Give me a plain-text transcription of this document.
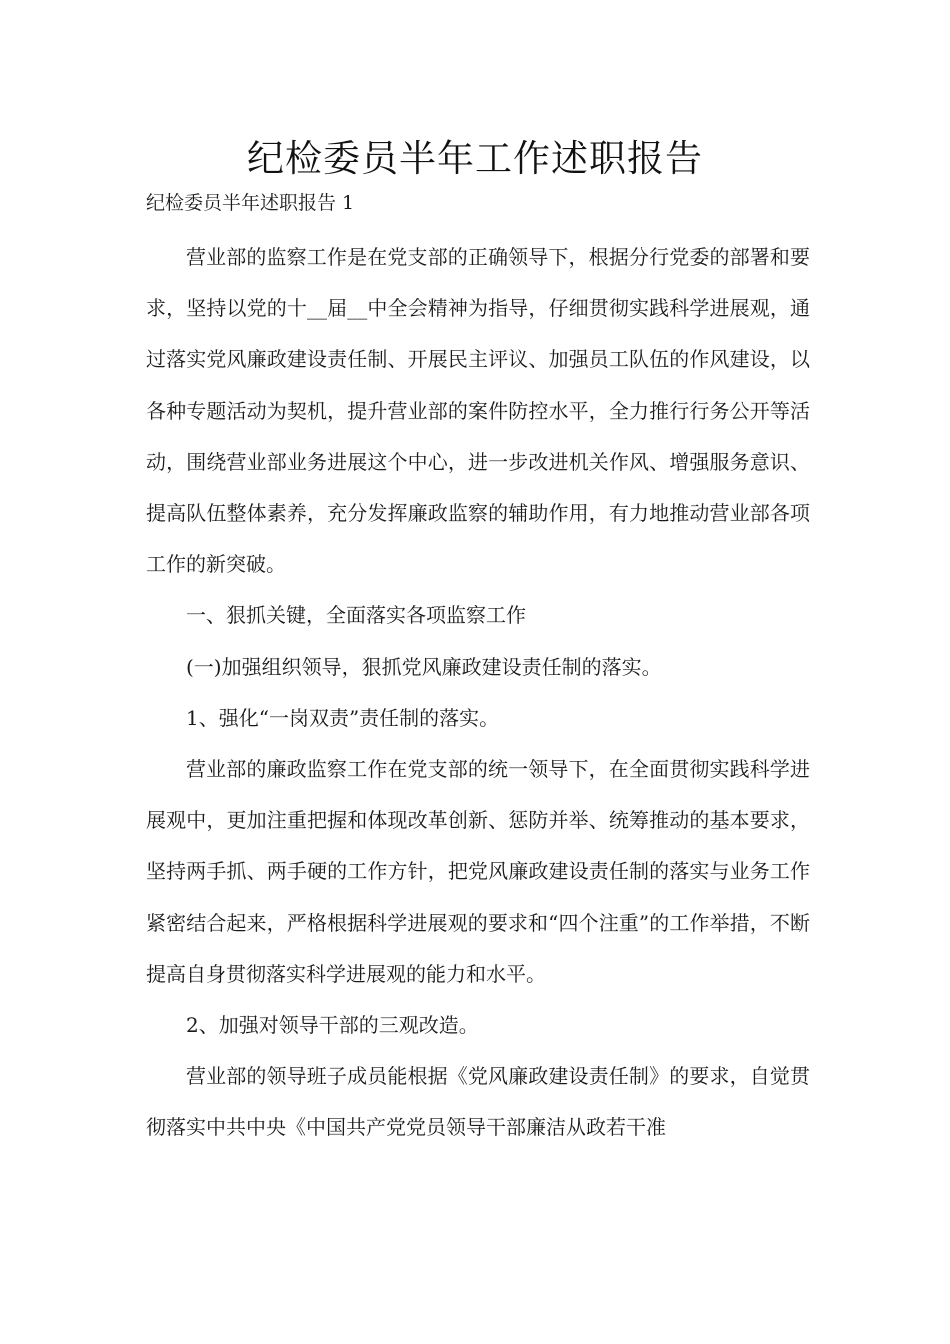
纪检委员半年工作述职报告

纪检委员半年述职报告 1

营业部的监察工作是在党支部的正确领导下，根据分行党委的部署和要求，坚持以党的十__届__中全会精神为指导，仔细贯彻实践科学进展观，通过落实党风廉政建设责任制、开展民主评议、加强员工队伍的作风建设，以各种专题活动为契机，提升营业部的案件防控水平，全力推行行务公开等活动，围绕营业部业务进展这个中心，进一步改进机关作风、增强服务意识、提高队伍整体素养，充分发挥廉政监察的辅助作用，有力地推动营业部各项工作的新突破。

一、狠抓关键，全面落实各项监察工作

(一)加强组织领导，狠抓党风廉政建设责任制的落实。

1、强化“一岗双责”责任制的落实。

营业部的廉政监察工作在党支部的统一领导下，在全面贯彻实践科学进展观中，更加注重把握和体现改革创新、惩防并举、统筹推动的基本要求，坚持两手抓、两手硬的工作方针，把党风廉政建设责任制的落实与业务工作紧密结合起来，严格根据科学进展观的要求和“四个注重”的工作举措，不断提高自身贯彻落实科学进展观的能力和水平。

2、加强对领导干部的三观改造。

营业部的领导班子成员能根据《党风廉政建设责任制》的要求，自觉贯彻落实中共中央《中国共产党党员领导干部廉洁从政若干准
